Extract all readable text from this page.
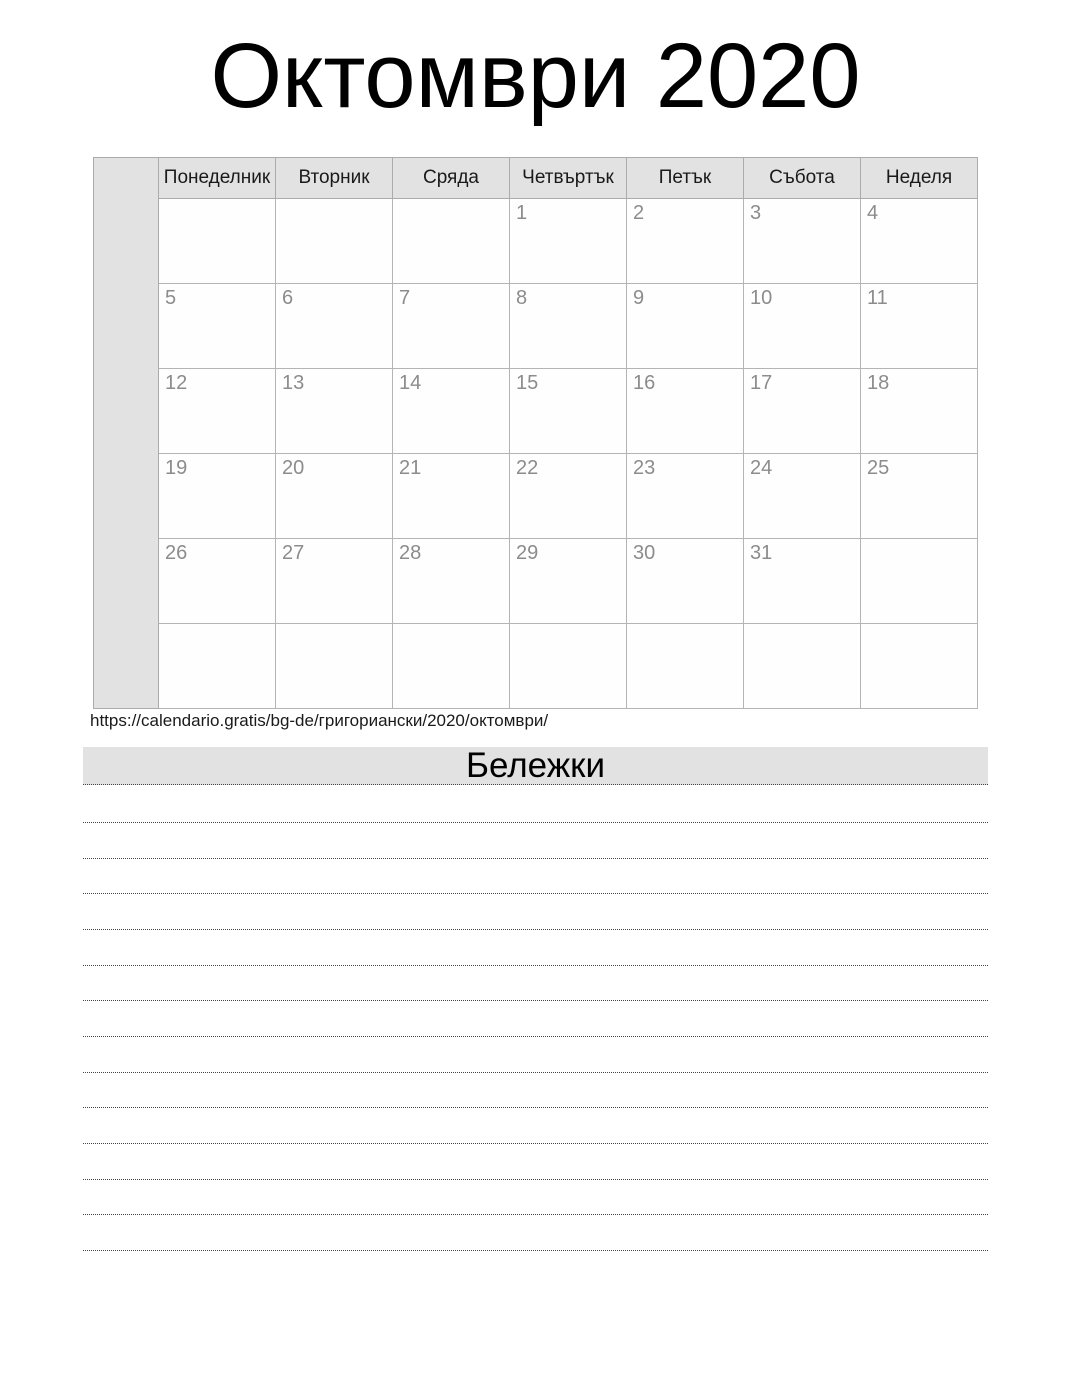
Октомври 2020
	Понеделник	Вторник	Сряда	Четвъртък	Петък	Събота	Неделя
				1	2	3	4
	5	6	7	8	9	10	11
	12	13	14	15	16	17	18
	19	20	21	22	23	24	25
	26	27	28	29	30	31	

https://calendario.gratis/bg-de/григориански/2020/октомври/
Бележки
